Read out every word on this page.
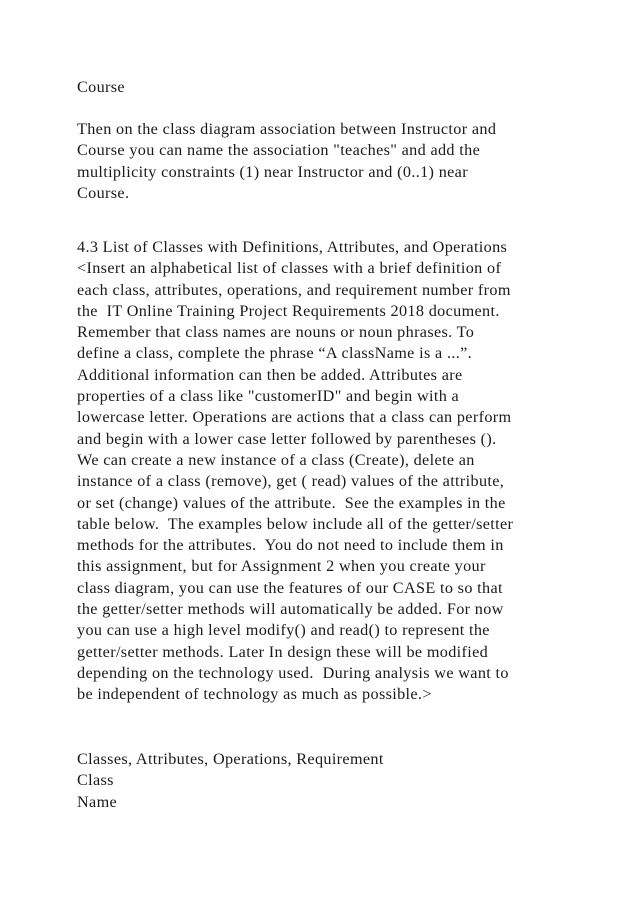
Course
Then on the class diagram association between Instructor and
Course you can name the association "teaches" and add the
multiplicity constraints (1) near Instructor and (0..1) near
Course.
4.3 List of Classes with Definitions, Attributes, and Operations
<Insert an alphabetical list of classes with a brief definition of
each class, attributes, operations, and requirement number from
the  IT Online Training Project Requirements 2018 document.
Remember that class names are nouns or noun phrases. To
define a class, complete the phrase “A className is a ...”.
Additional information can then be added. Attributes are
properties of a class like "customerID" and begin with a
lowercase letter. Operations are actions that a class can perform
and begin with a lower case letter followed by parentheses ().
We can create a new instance of a class (Create), delete an
instance of a class (remove), get ( read) values of the attribute,
or set (change) values of the attribute.  See the examples in the
table below.  The examples below include all of the getter/setter
methods for the attributes.  You do not need to include them in
this assignment, but for Assignment 2 when you create your
class diagram, you can use the features of our CASE to so that
the getter/setter methods will automatically be added. For now
you can use a high level modify() and read() to represent the
getter/setter methods. Later In design these will be modified
depending on the technology used.  During analysis we want to
be independent of technology as much as possible.>
Classes, Attributes, Operations, Requirement
Class
Name
